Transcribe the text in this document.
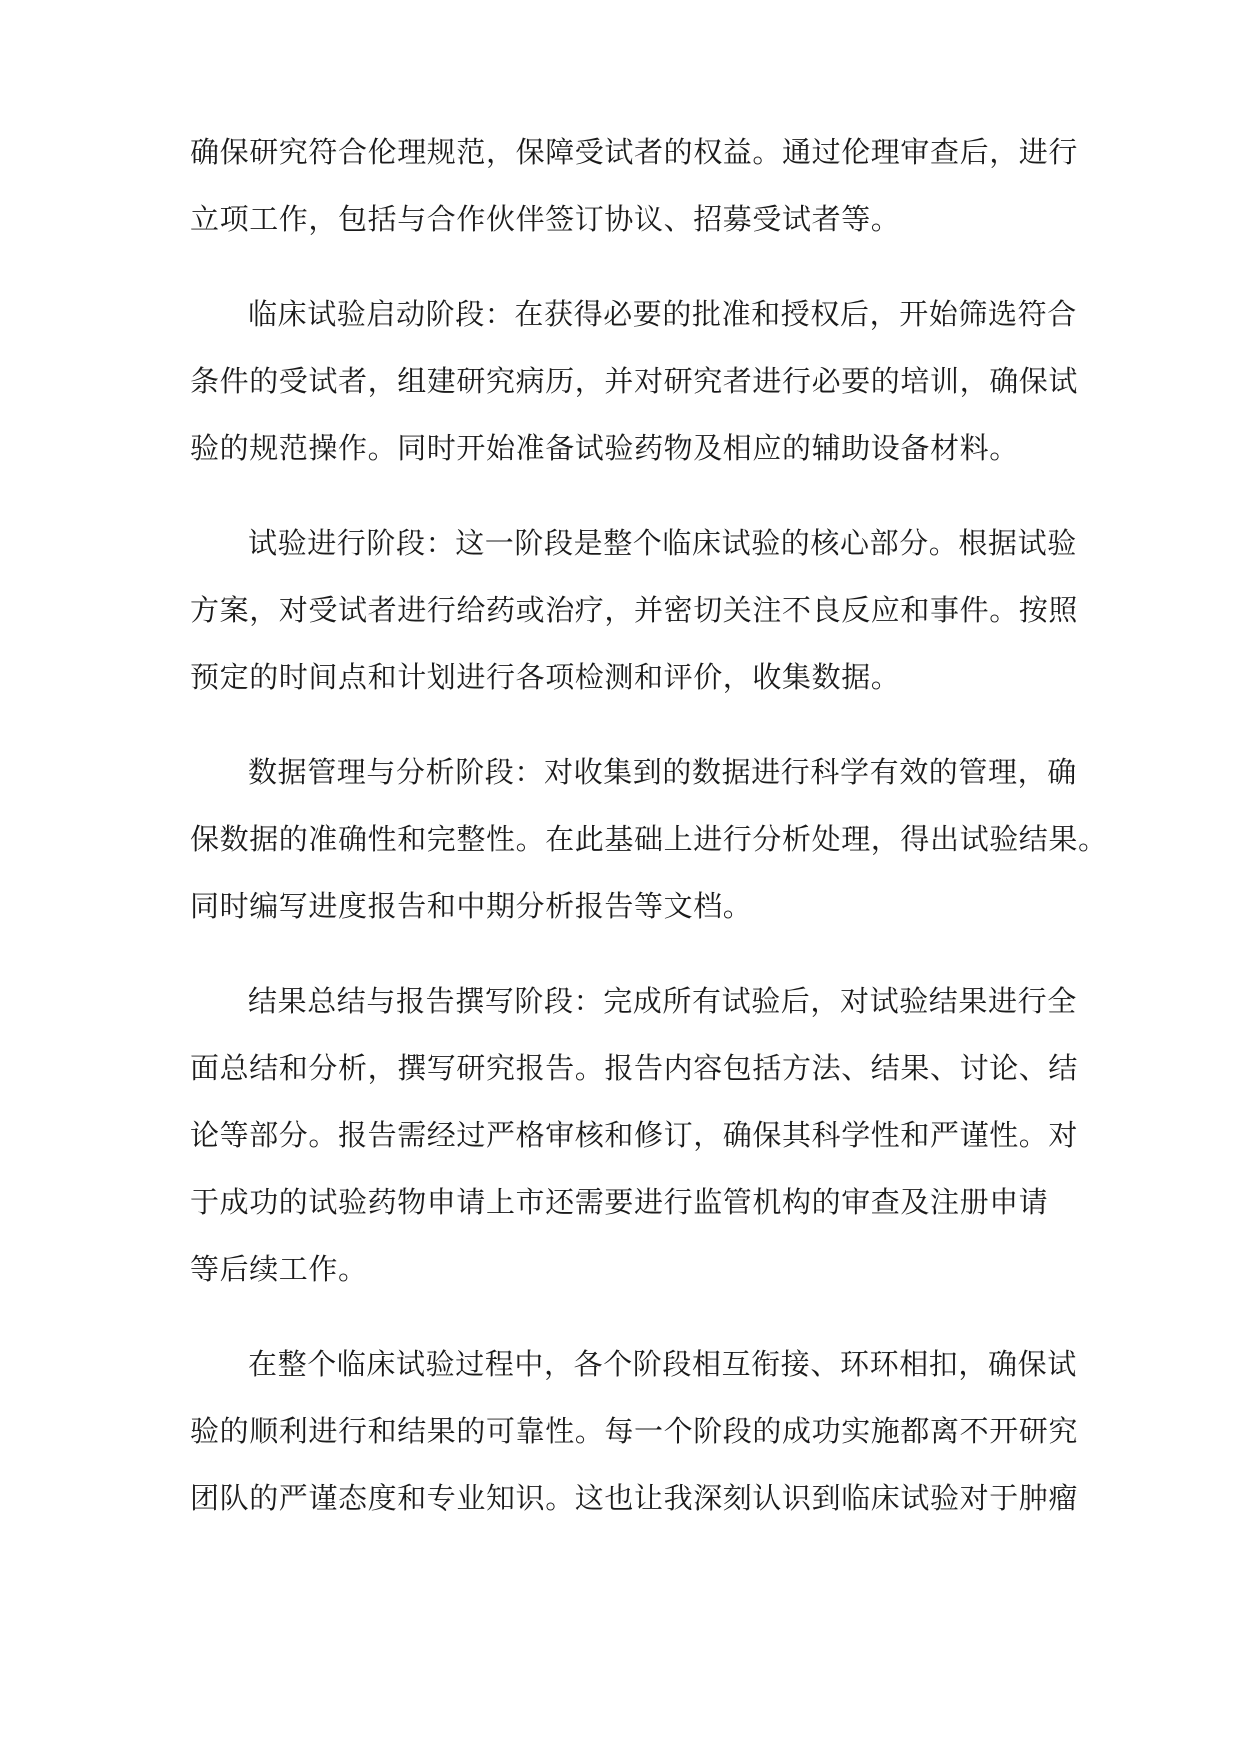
确保研究符合伦理规范，保障受试者的权益。通过伦理审查后，进行

立项工作，包括与合作伙伴签订协议、招募受试者等。

临床试验启动阶段：在获得必要的批准和授权后，开始筛选符合

条件的受试者，组建研究病历，并对研究者进行必要的培训，确保试

验的规范操作。同时开始准备试验药物及相应的辅助设备材料。

试验进行阶段：这一阶段是整个临床试验的核心部分。根据试验

方案，对受试者进行给药或治疗，并密切关注不良反应和事件。按照

预定的时间点和计划进行各项检测和评价，收集数据。

数据管理与分析阶段：对收集到的数据进行科学有效的管理，确

保数据的准确性和完整性。在此基础上进行分析处理，得出试验结果。

同时编写进度报告和中期分析报告等文档。

结果总结与报告撰写阶段：完成所有试验后，对试验结果进行全

面总结和分析，撰写研究报告。报告内容包括方法、结果、讨论、结

论等部分。报告需经过严格审核和修订，确保其科学性和严谨性。对

于成功的试验药物申请上市还需要进行监管机构的审查及注册申请

等后续工作。

在整个临床试验过程中，各个阶段相互衔接、环环相扣，确保试

验的顺利进行和结果的可靠性。每一个阶段的成功实施都离不开研究

团队的严谨态度和专业知识。这也让我深刻认识到临床试验对于肿瘤
